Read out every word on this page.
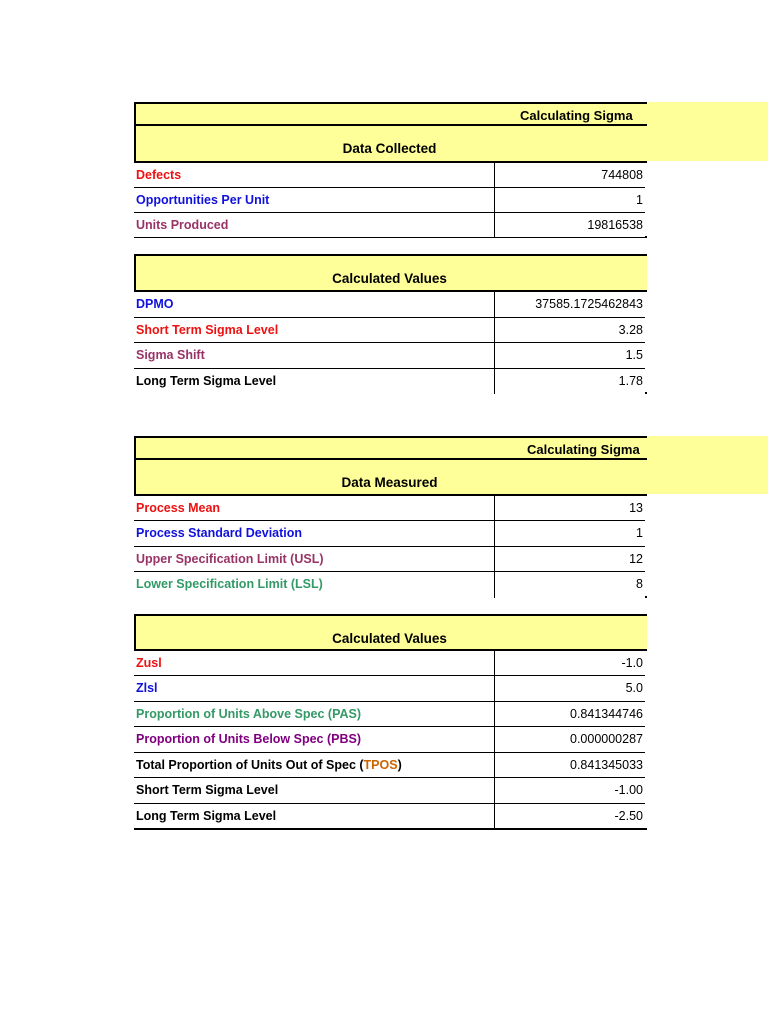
Calculating Sigma
Data Collected
Defects	744808
Opportunities Per Unit	1
Units Produced	19816538
Calculated Values
DPMO	37585.1725462843
Short Term Sigma Level	3.28
Sigma Shift	1.5
Long Term Sigma Level	1.78
Calculating Sigma
Data Measured
Process Mean	13
Process Standard Deviation	1
Upper Specification Limit (USL)	12
Lower Specification Limit (LSL)	8
Calculated Values
Zusl	-1.0
Zlsl	5.0
Proportion of Units Above Spec (PAS)	0.841344746
Proportion of Units Below Spec (PBS)	0.000000287
Total Proportion of Units Out of Spec (TPOS)	0.841345033
Short Term Sigma Level	-1.00
Long Term Sigma Level	-2.50
